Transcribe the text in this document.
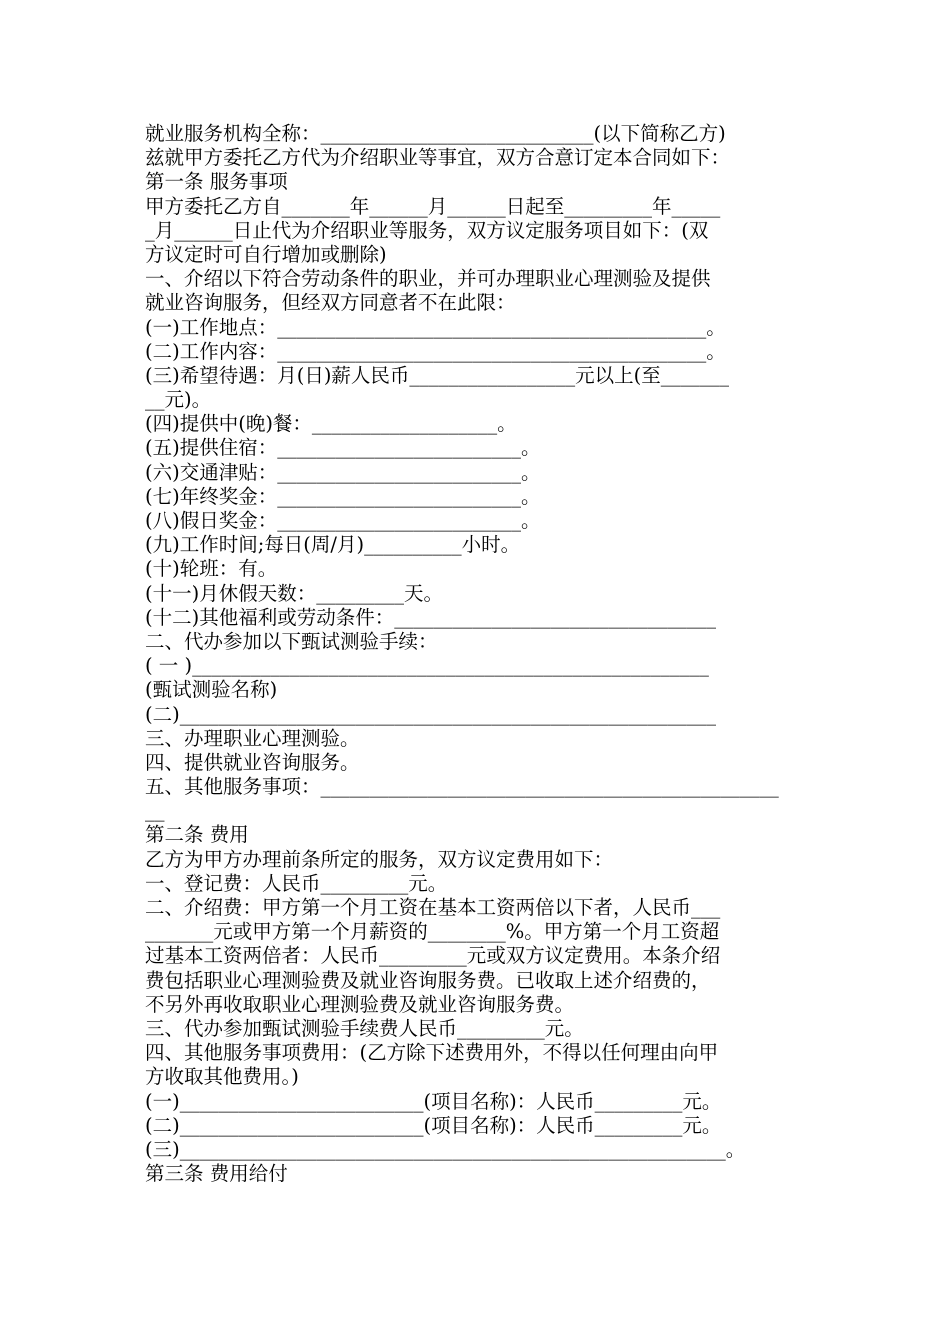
就业服务机构全称：____________________________(以下简称乙方)
兹就甲方委托乙方代为介绍职业等事宜，双方合意订定本合同如下：
第一条 服务事项
甲方委托乙方自_______年______月______日起至_________年_____
_月______日止代为介绍职业等服务，双方议定服务项目如下：(双
方议定时可自行增加或删除)
一、介绍以下符合劳动条件的职业，并可办理职业心理测验及提供
就业咨询服务，但经双方同意者不在此限：
(一)工作地点：____________________________________________。
(二)工作内容：____________________________________________。
(三)希望待遇：月(日)薪人民币_________________元以上(至_______
__元)。
(四)提供中(晚)餐：___________________。
(五)提供住宿：_________________________。
(六)交通津贴：_________________________。
(七)年终奖金：_________________________。
(八)假日奖金：_________________________。
(九)工作时间;每日(周/月)__________小时。
(十)轮班：有。
(十一)月休假天数：_________天。
(十二)其他福利或劳动条件：_________________________________
二、代办参加以下甄试测验手续：
( 一 )_____________________________________________________
(甄试测验名称)
(二)_______________________________________________________
三、办理职业心理测验。
四、提供就业咨询服务。
五、其他服务事项：_______________________________________________
__
第二条 费用
乙方为甲方办理前条所定的服务，双方议定费用如下：
一、登记费：人民币_________元。
二、介绍费：甲方第一个月工资在基本工资两倍以下者，人民币___
_______元或甲方第一个月薪资的________%。甲方第一个月工资超
过基本工资两倍者：人民币_________元或双方议定费用。本条介绍
费包括职业心理测验费及就业咨询服务费。已收取上述介绍费的，
不另外再收取职业心理测验费及就业咨询服务费。
三、代办参加甄试测验手续费人民币_________元。
四、其他服务事项费用：(乙方除下述费用外，不得以任何理由向甲
方收取其他费用。)
(一)_________________________(项目名称)：人民币_________元。
(二)_________________________(项目名称)：人民币_________元。
(三)________________________________________________________。
第三条 费用给付
